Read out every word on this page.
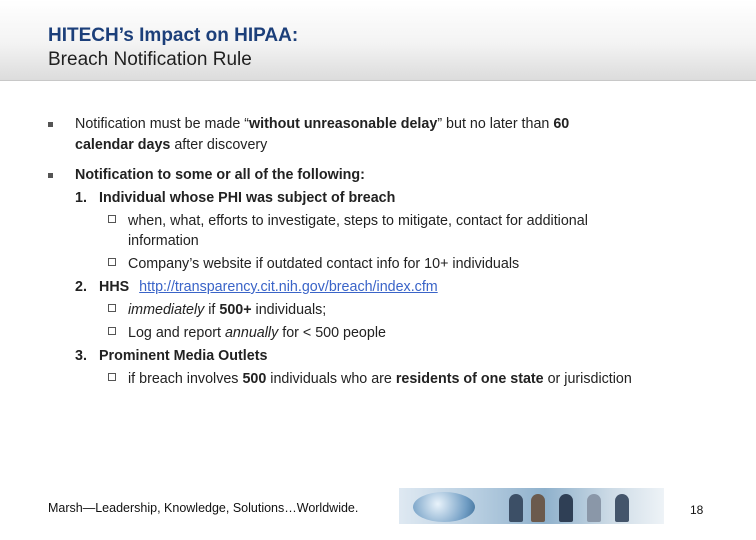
HITECH’s Impact on HIPAA:
Breach Notification Rule
Notification must be made “without unreasonable delay” but no later than 60
calendar days after discovery
Notification to some or all of the following:
1. Individual whose PHI was subject of breach
when, what, efforts to investigate, steps to mitigate, contact for additional
information
Company’s website if outdated contact info for 10+ individuals
2. HHS http://transparency.cit.nih.gov/breach/index.cfm
immediately if 500+ individuals;
Log and report annually for < 500 people
3. Prominent Media Outlets
if breach involves 500 individuals who are residents of one state or jurisdiction
Marsh—Leadership, Knowledge, Solutions…Worldwide.	18
